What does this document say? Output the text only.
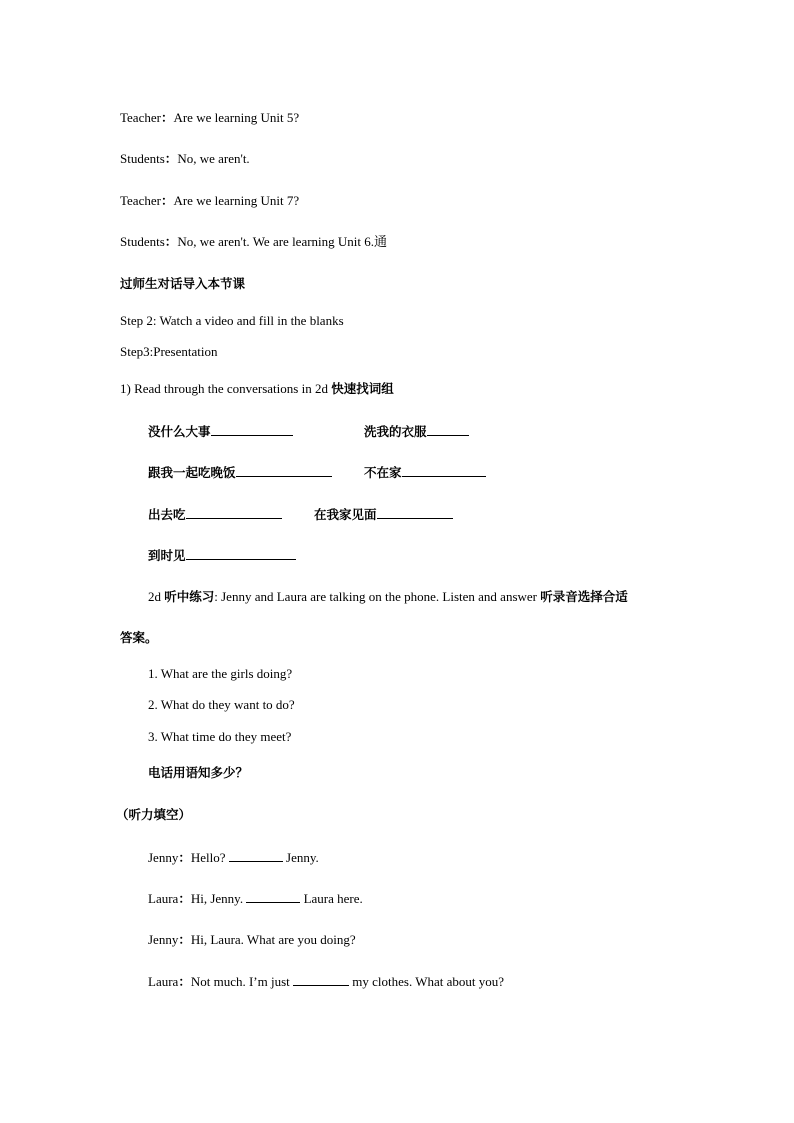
Teacher：Are we learning Unit 5?
Students：No, we aren't.
Teacher：Are we learning Unit 7?
Students：No, we aren't. We are learning Unit 6.通
过师生对话导入本节课
Step 2: Watch a video and fill in the blanks
Step3:Presentation
1) Read through the conversations in 2d 快速找词组
没什么大事	洗我的衣服
跟我一起吃晚饭	不在家
出去吃	在我家见面
到时见
2d 听中练习: Jenny and Laura are talking on the phone. Listen and answer 听录音选择合适
答案。
1. What are the girls doing?
2. What do they want to do?
3. What time do they meet?
电话用语知多少？
（听力填空）
Jenny：Hello?	Jenny.
Laura：Hi, Jenny.	Laura here.
Jenny：Hi, Laura. What are you doing?
Laura：Not much. I’m just	my clothes. What about you?
